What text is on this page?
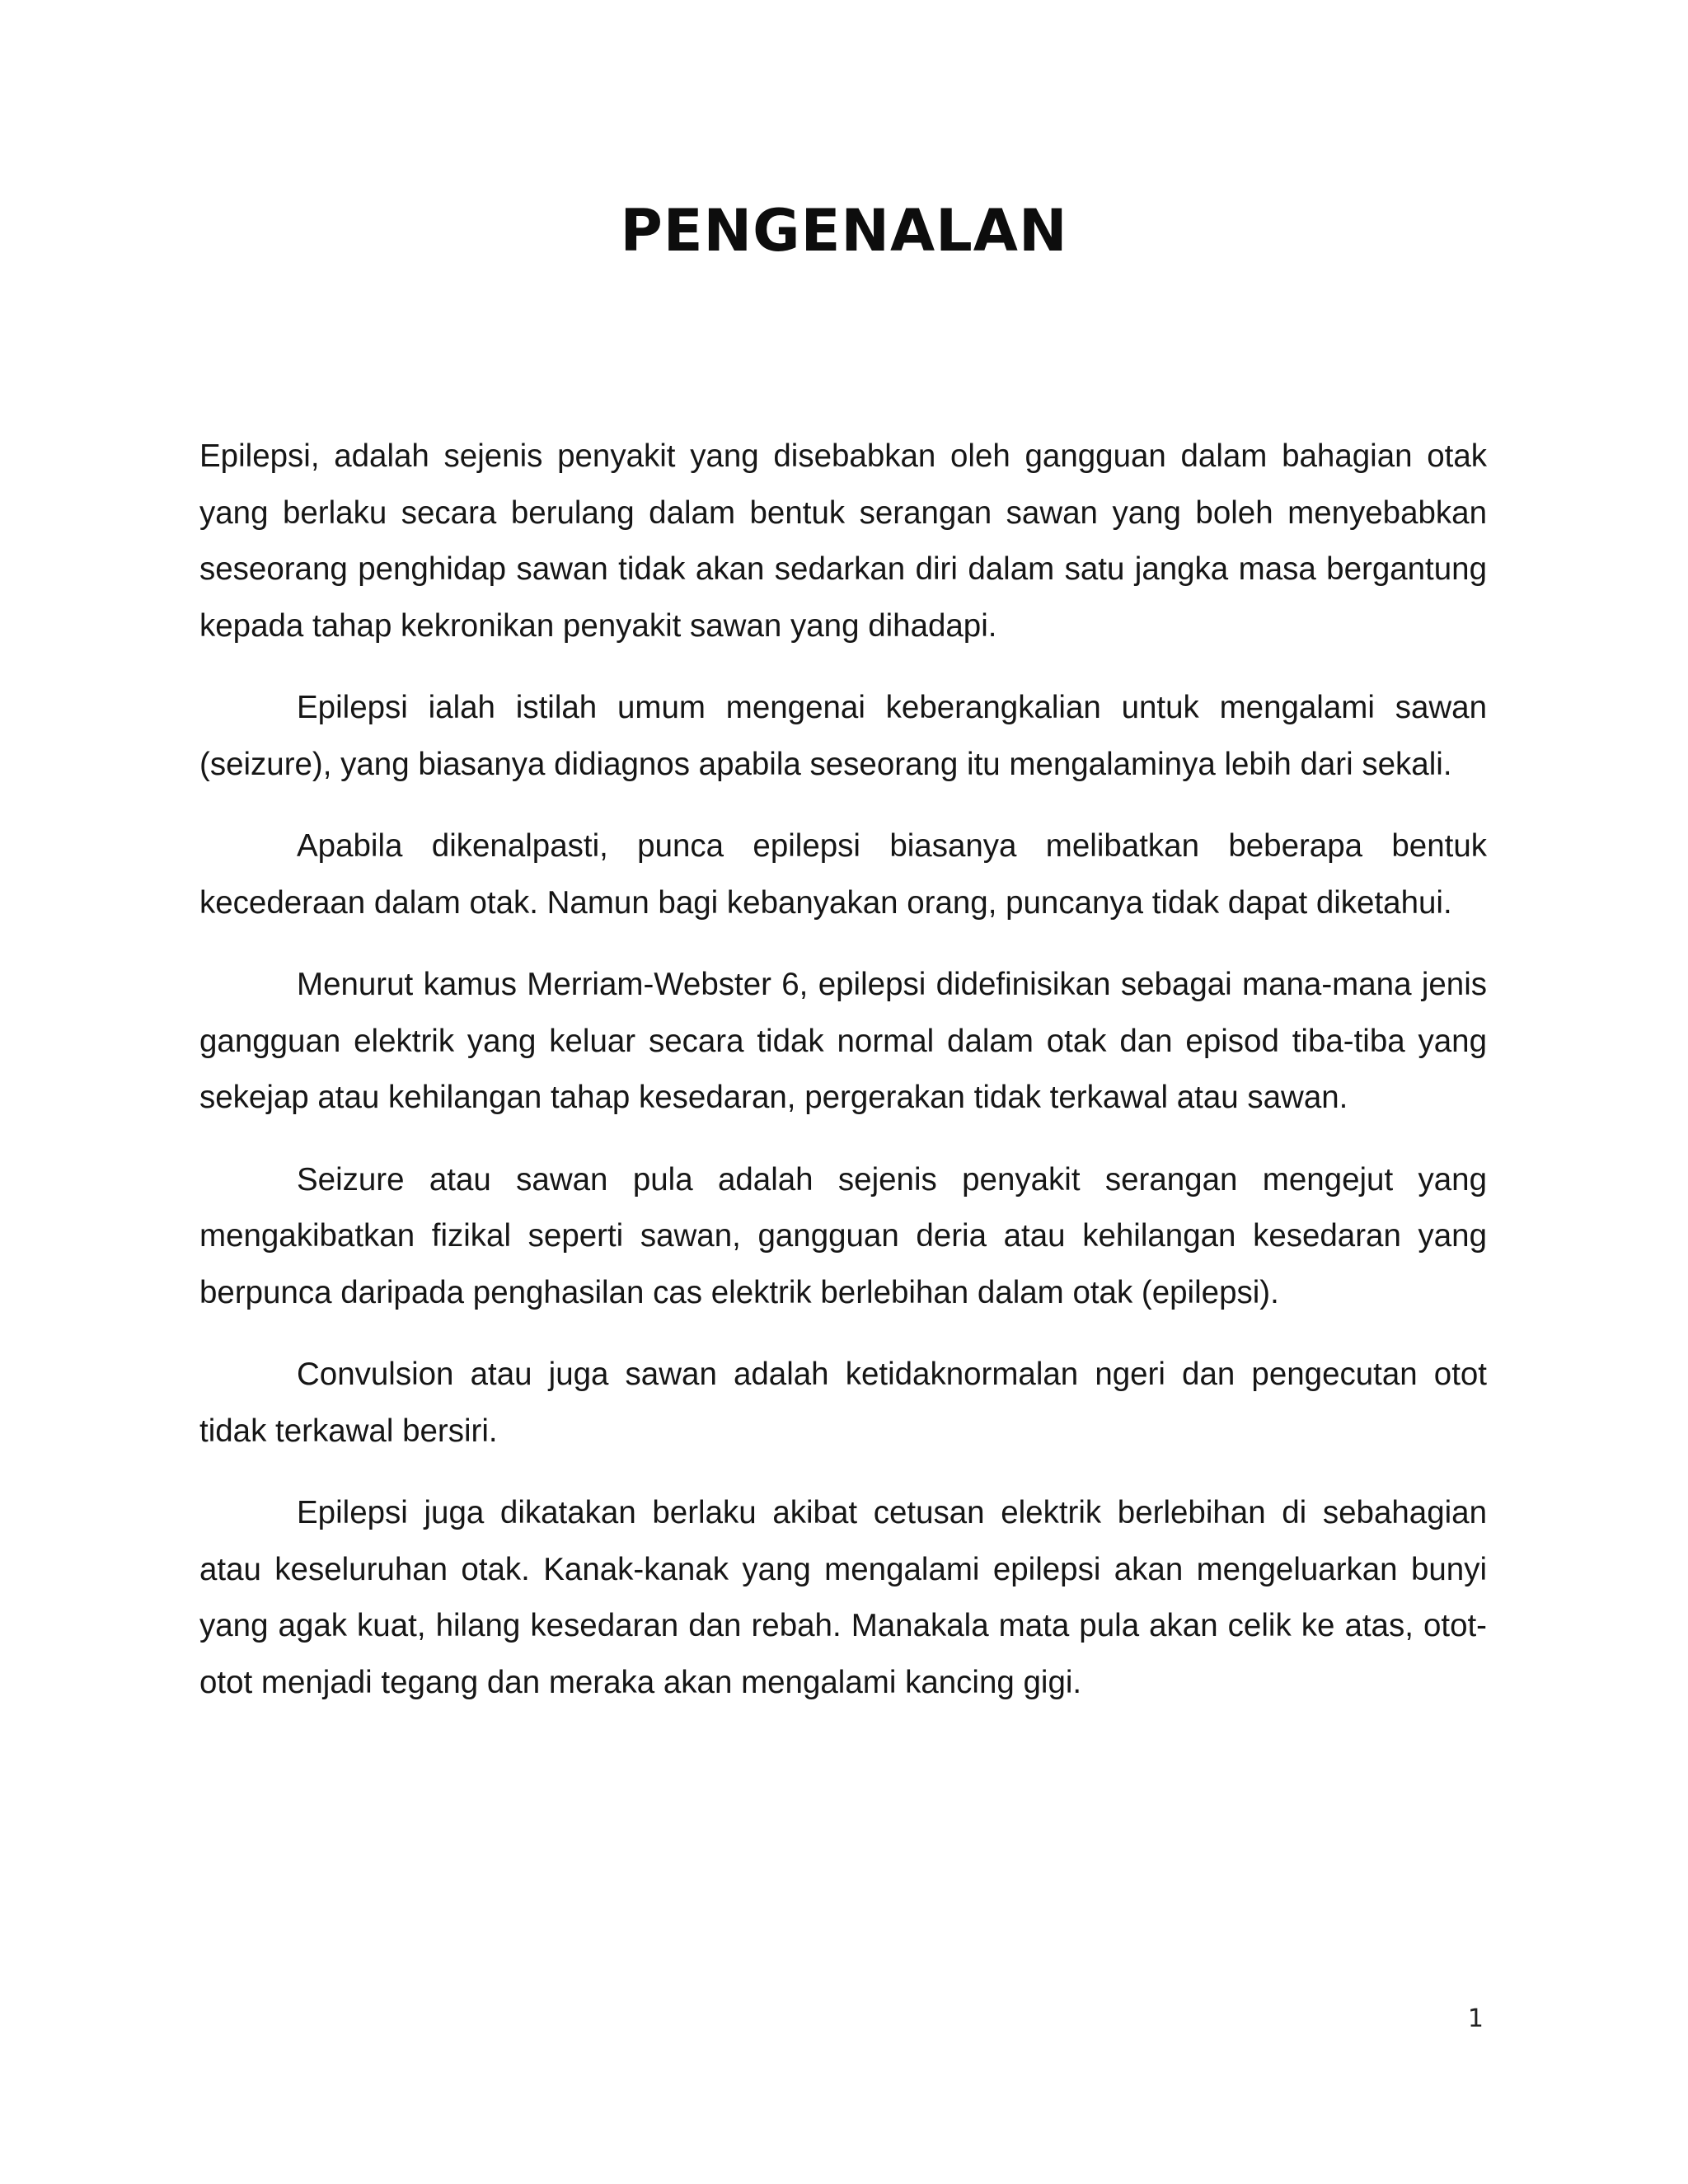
PENGENALAN

Epilepsi, adalah sejenis penyakit yang disebabkan oleh gangguan dalam bahagian otak yang berlaku secara berulang dalam bentuk serangan sawan yang boleh menyebabkan seseorang penghidap sawan tidak akan sedarkan diri dalam satu jangka masa bergantung kepada tahap kekronikan penyakit sawan yang dihadapi.

Epilepsi ialah istilah umum mengenai keberangkalian untuk mengalami sawan (seizure), yang biasanya didiagnos apabila seseorang itu mengalaminya lebih dari sekali.

Apabila dikenalpasti, punca epilepsi biasanya melibatkan beberapa bentuk kecederaan dalam otak. Namun bagi kebanyakan orang, puncanya tidak dapat diketahui.

Menurut kamus Merriam-Webster 6, epilepsi didefinisikan sebagai mana-mana jenis gangguan elektrik yang keluar secara tidak normal dalam otak dan episod tiba-tiba yang sekejap atau kehilangan tahap kesedaran, pergerakan tidak terkawal atau sawan.

Seizure atau sawan pula adalah sejenis penyakit serangan mengejut yang mengakibatkan fizikal seperti sawan, gangguan deria atau kehilangan kesedaran yang berpunca daripada penghasilan cas elektrik berlebihan dalam otak (epilepsi).

Convulsion atau juga sawan adalah ketidaknormalan ngeri dan pengecutan otot tidak terkawal bersiri.

Epilepsi juga dikatakan berlaku akibat cetusan elektrik berlebihan di sebahagian atau keseluruhan otak. Kanak-kanak yang mengalami epilepsi akan mengeluarkan bunyi yang agak kuat, hilang kesedaran dan rebah. Manakala mata pula akan celik ke atas, otot-otot menjadi tegang dan meraka akan mengalami kancing gigi.

1
